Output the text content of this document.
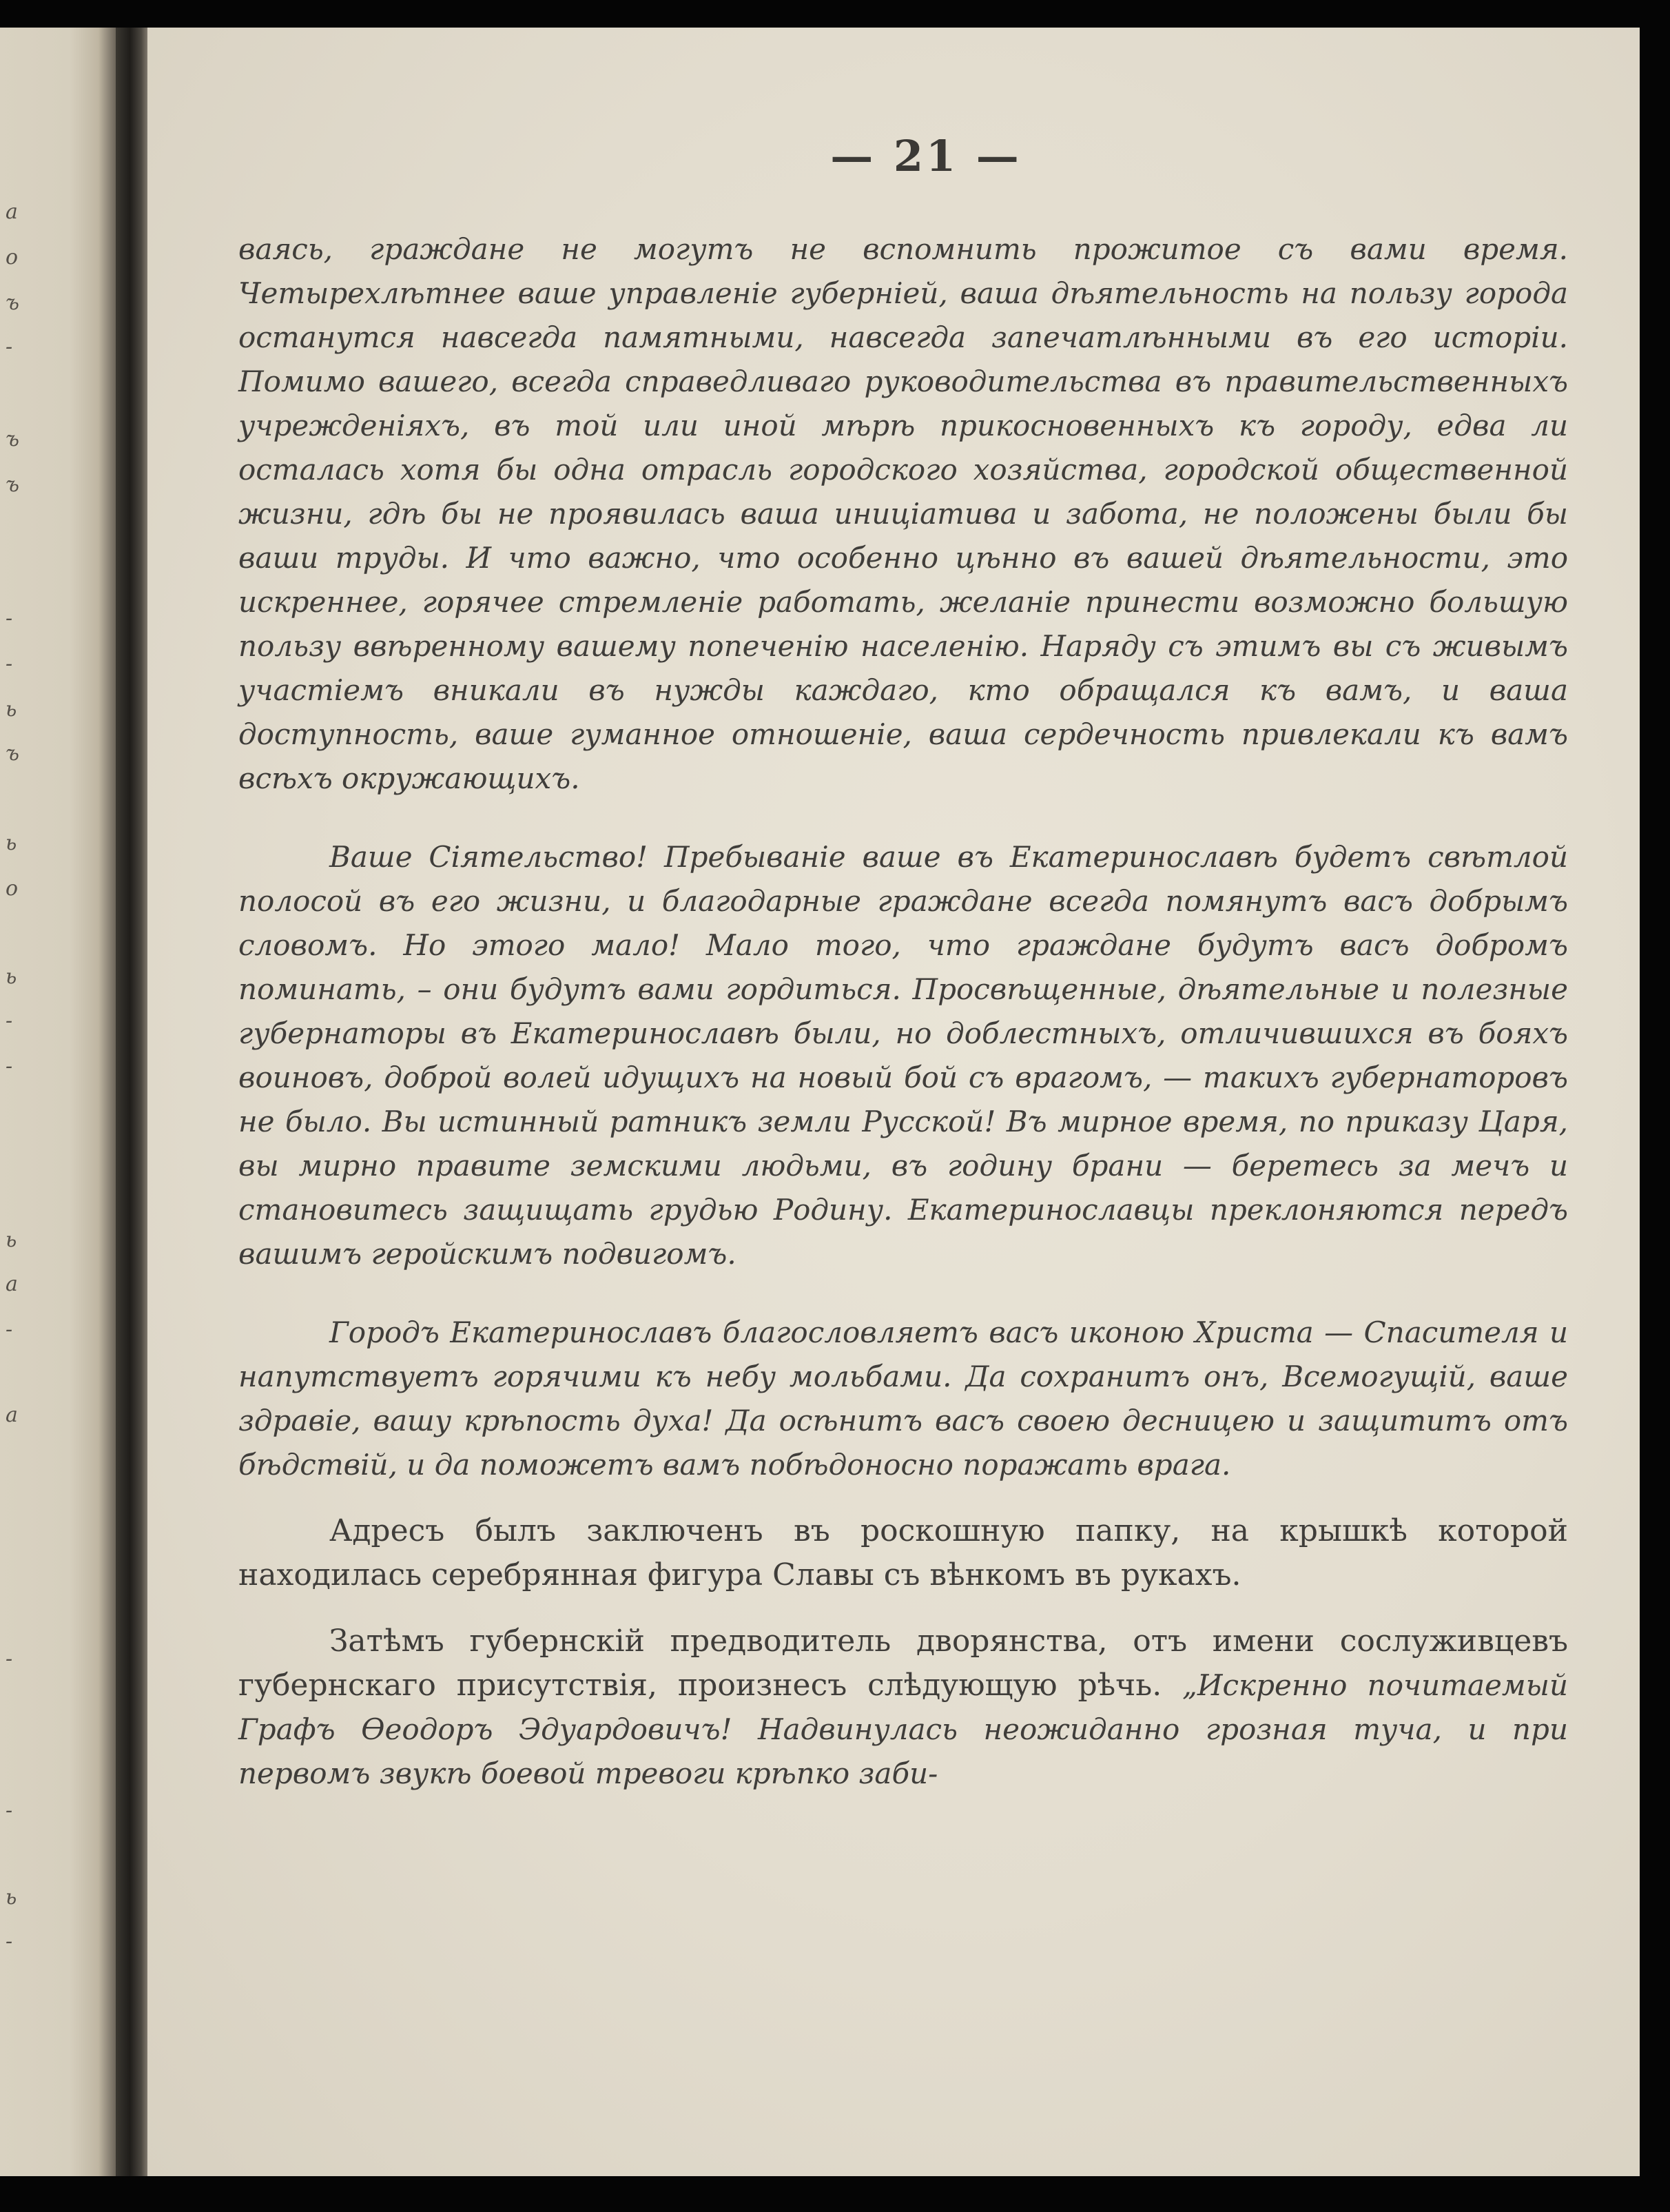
а
о
ъ
-
ъ
ъ
-
-
ь
ъ
ь
о
ь
-
-
ь
а
-
а
-
-
ь
-
— 21 —

ваясь, граждане не могутъ не вспомнить прожитое съ вами время. Четырехлѣтнее ваше управленіе губерніей, ваша дѣятельность на пользу города останутся навсегда памятными, навсегда запечатлѣнными въ его исторіи. Помимо вашего, всегда справедливаго руководительства въ правительственныхъ учрежденіяхъ, въ той или иной мѣрѣ прикосновенныхъ къ городу, едва ли осталась хотя бы одна отрасль городского хозяйства, городской общественной жизни, гдѣ бы не проявилась ваша иниціатива и забота, не положены были бы ваши труды. И что важно, что особенно цѣнно въ вашей дѣятельности, это искреннее, горячее стремленіе работать, желаніе принести возможно большую пользу ввѣренному вашему попеченію населенію. Наряду съ этимъ вы съ живымъ участіемъ вникали въ нужды каждаго, кто обращался къ вамъ, и ваша доступность, ваше гуманное отношеніе, ваша сердечность привлекали къ вамъ всѣхъ окружающихъ.

Ваше Сіятельство! Пребываніе ваше въ Екатеринославѣ будетъ свѣтлой полосой въ его жизни, и благодарные граждане всегда помянутъ васъ добрымъ словомъ. Но этого мало! Мало того, что граждане будутъ васъ добромъ поминать, – они будутъ вами гордиться. Просвѣщенные, дѣятельные и полезные губернаторы въ Екатеринославѣ были, но доблестныхъ, отличившихся въ бояхъ воиновъ, доброй волей идущихъ на новый бой съ врагомъ, — такихъ губернаторовъ не было. Вы истинный ратникъ земли Русской! Въ мирное время, по приказу Царя, вы мирно правите земскими людьми, въ годину брани — беретесь за мечъ и становитесь защищать грудью Родину. Екатеринославцы преклоняются передъ вашимъ геройскимъ подвигомъ.

Городъ Екатеринославъ благословляетъ васъ иконою Христа — Спасителя и напутствуетъ горячими къ небу мольбами. Да сохранитъ онъ, Всемогущій, ваше здравіе, вашу крѣпость духа! Да осѣнитъ васъ своею десницею и защититъ отъ бѣдствій, и да поможетъ вамъ побѣдоносно поражать врага.

Адресъ былъ заключенъ въ роскошную папку, на крышкѣ которой находилась серебрянная фигура Славы съ вѣнкомъ въ рукахъ.

Затѣмъ губернскій предводитель дворянства, отъ имени сослуживцевъ губернскаго присутствія, произнесъ слѣдующую рѣчь. „Искренно почитаемый Графъ Ѳеодоръ Эдуардовичъ! Надвинулась неожиданно грозная туча, и при первомъ звукѣ боевой тревоги крѣпко заби-
